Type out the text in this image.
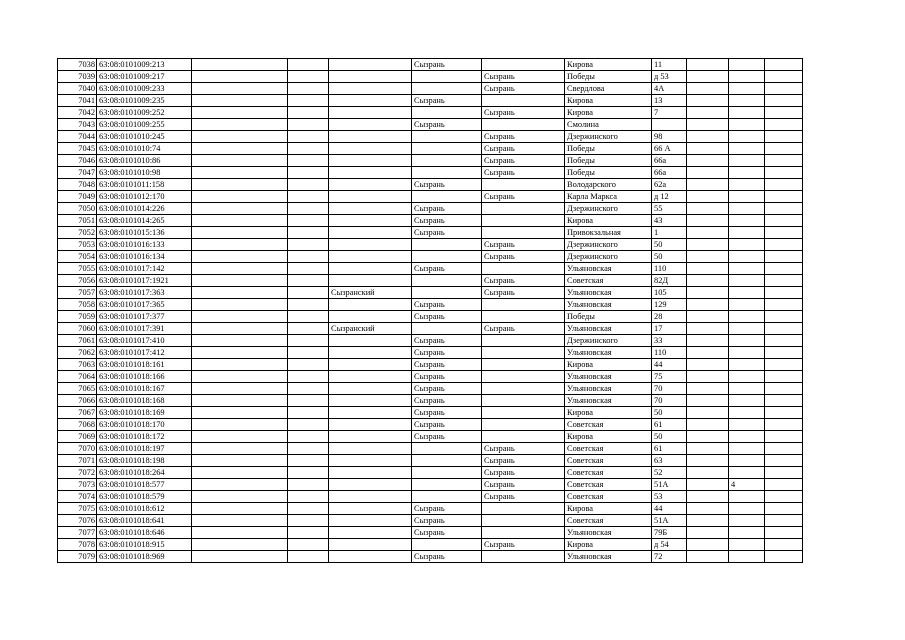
7038	63:08:0101009:213				Сызрань		Кирова	11			
7039	63:08:0101009:217					Сызрань	Победы	д 53			
7040	63:08:0101009:233					Сызрань	Свердлова	4А			
7041	63:08:0101009:235				Сызрань		Кирова	13			
7042	63:08:0101009:252					Сызрань	Кирова	7			
7043	63:08:0101009:255				Сызрань		Смолина				
7044	63:08:0101010:245					Сызрань	Дзержинского	98			
7045	63:08:0101010:74					Сызрань	Победы	66 А			
7046	63:08:0101010:86					Сызрань	Победы	66а			
7047	63:08:0101010:98					Сызрань	Победы	66а			
7048	63:08:0101011:158				Сызрань		Володарского	62а			
7049	63:08:0101012:170					Сызрань	Карла Маркса	д 12			
7050	63:08:0101014:226				Сызрань		Дзержинского	55			
7051	63:08:0101014:265				Сызрань		Кирова	43			
7052	63:08:0101015:136				Сызрань		Привокзальная	1			
7053	63:08:0101016:133					Сызрань	Дзержинского	50			
7054	63:08:0101016:134					Сызрань	Дзержинского	50			
7055	63:08:0101017:142				Сызрань		Ульяновская	110			
7056	63:08:0101017:1921					Сызрань	Советская	82Д			
7057	63:08:0101017:363			Сызранский		Сызрань	Ульяновская	105			
7058	63:08:0101017:365				Сызрань		Ульяновская	129			
7059	63:08:0101017:377				Сызрань		Победы	28			
7060	63:08:0101017:391			Сызранский		Сызрань	Ульяновская	17			
7061	63:08:0101017:410				Сызрань		Дзержинского	33			
7062	63:08:0101017:412				Сызрань		Ульяновская	110			
7063	63:08:0101018:161				Сызрань		Кирова	44			
7064	63:08:0101018:166				Сызрань		Ульяновская	75			
7065	63:08:0101018:167				Сызрань		Ульяновская	70			
7066	63:08:0101018:168				Сызрань		Ульяновская	70			
7067	63:08:0101018:169				Сызрань		Кирова	50			
7068	63:08:0101018:170				Сызрань		Советская	61			
7069	63:08:0101018:172				Сызрань		Кирова	50			
7070	63:08:0101018:197					Сызрань	Советская	61			
7071	63:08:0101018:198					Сызрань	Советская	63			
7072	63:08:0101018:264					Сызрань	Советская	52			
7073	63:08:0101018:577					Сызрань	Советская	51А		4	
7074	63:08:0101018:579					Сызрань	Советская	53			
7075	63:08:0101018:612				Сызрань		Кирова	44			
7076	63:08:0101018:641				Сызрань		Советская	51А			
7077	63:08:0101018:646				Сызрань		Ульяновская	79Б			
7078	63:08:0101018:915					Сызрань	Кирова	д 54			
7079	63:08:0101018:969				Сызрань		Ульяновская	72			
